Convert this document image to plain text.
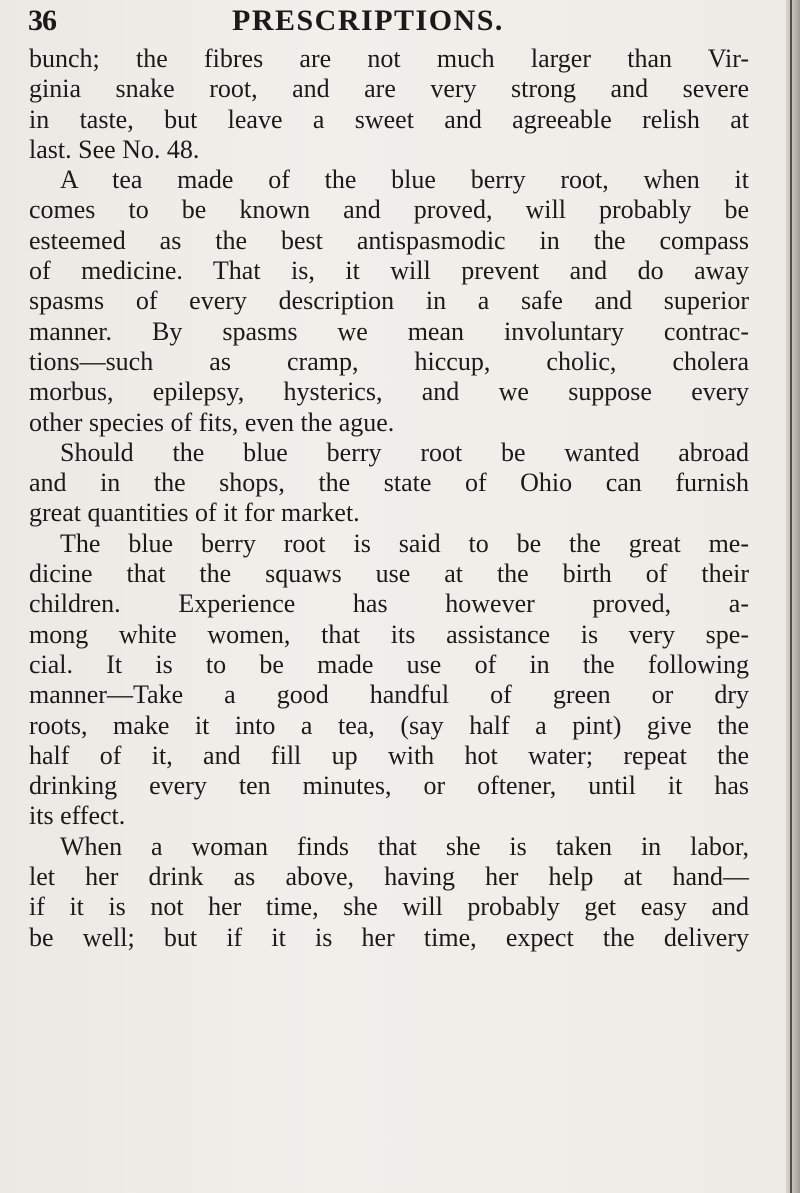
36	PRESCRIPTIONS.
bunch; the fibres are not much larger than Vir-
ginia snake root, and are very strong and severe
in taste, but leave a sweet and agreeable relish at
last. See No. 48.
A tea made of the blue berry root, when it
comes to be known and proved, will probably be
esteemed as the best antispasmodic in the compass
of medicine. That is, it will prevent and do away
spasms of every description in a safe and superior
manner. By spasms we mean involuntary contrac-
tions—such as cramp, hiccup, cholic, cholera
morbus, epilepsy, hysterics, and we suppose every
other species of fits, even the ague.
Should the blue berry root be wanted abroad
and in the shops, the state of Ohio can furnish
great quantities of it for market.
The blue berry root is said to be the great me-
dicine that the squaws use at the birth of their
children. Experience has however proved, a-
mong white women, that its assistance is very spe-
cial. It is to be made use of in the following
manner—Take a good handful of green or dry
roots, make it into a tea, (say half a pint) give the
half of it, and fill up with hot water; repeat the
drinking every ten minutes, or oftener, until it has
its effect.
When a woman finds that she is taken in labor,
let her drink as above, having her help at hand—
if it is not her time, she will probably get easy and
be well; but if it is her time, expect the delivery
